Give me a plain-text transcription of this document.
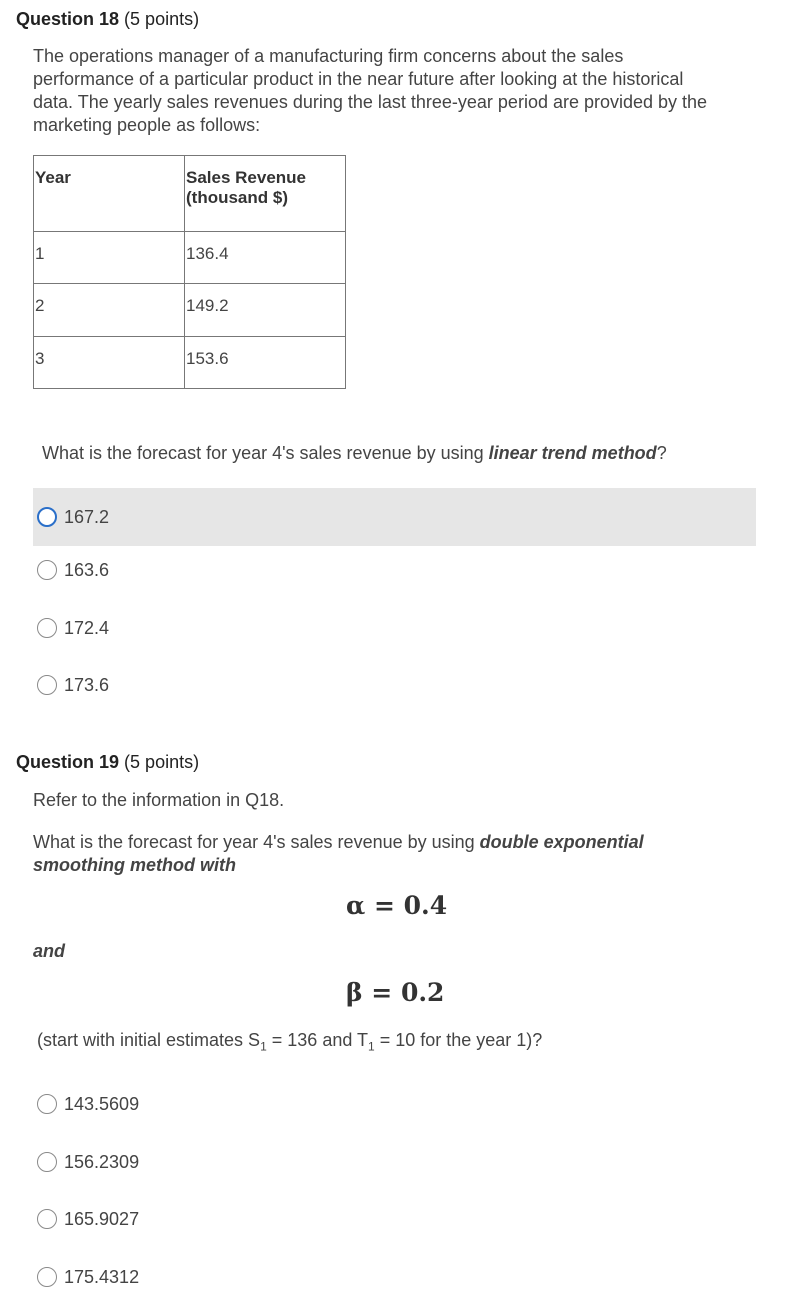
Question 18 (5 points)
The operations manager of a manufacturing firm concerns about the sales
performance of a particular product in the near future after looking at the historical
data. The yearly sales revenues during the last three-year period are provided by the
marketing people as follows:
Year	Sales Revenue
(thousand $)

1	136.4
2	149.2
3	153.6
What is the forecast for year 4's sales revenue by using linear trend method?
167.2
163.6
172.4
173.6
Question 19 (5 points)
Refer to the information in Q18.
What is the forecast for year 4's sales revenue by using double exponential
smoothing method with
α = 0.4
and
β = 0.2
(start with initial estimates $S_1 = 136$ and $T_1 = 10$ for the year 1)?
143.5609
156.2309
165.9027
175.4312
